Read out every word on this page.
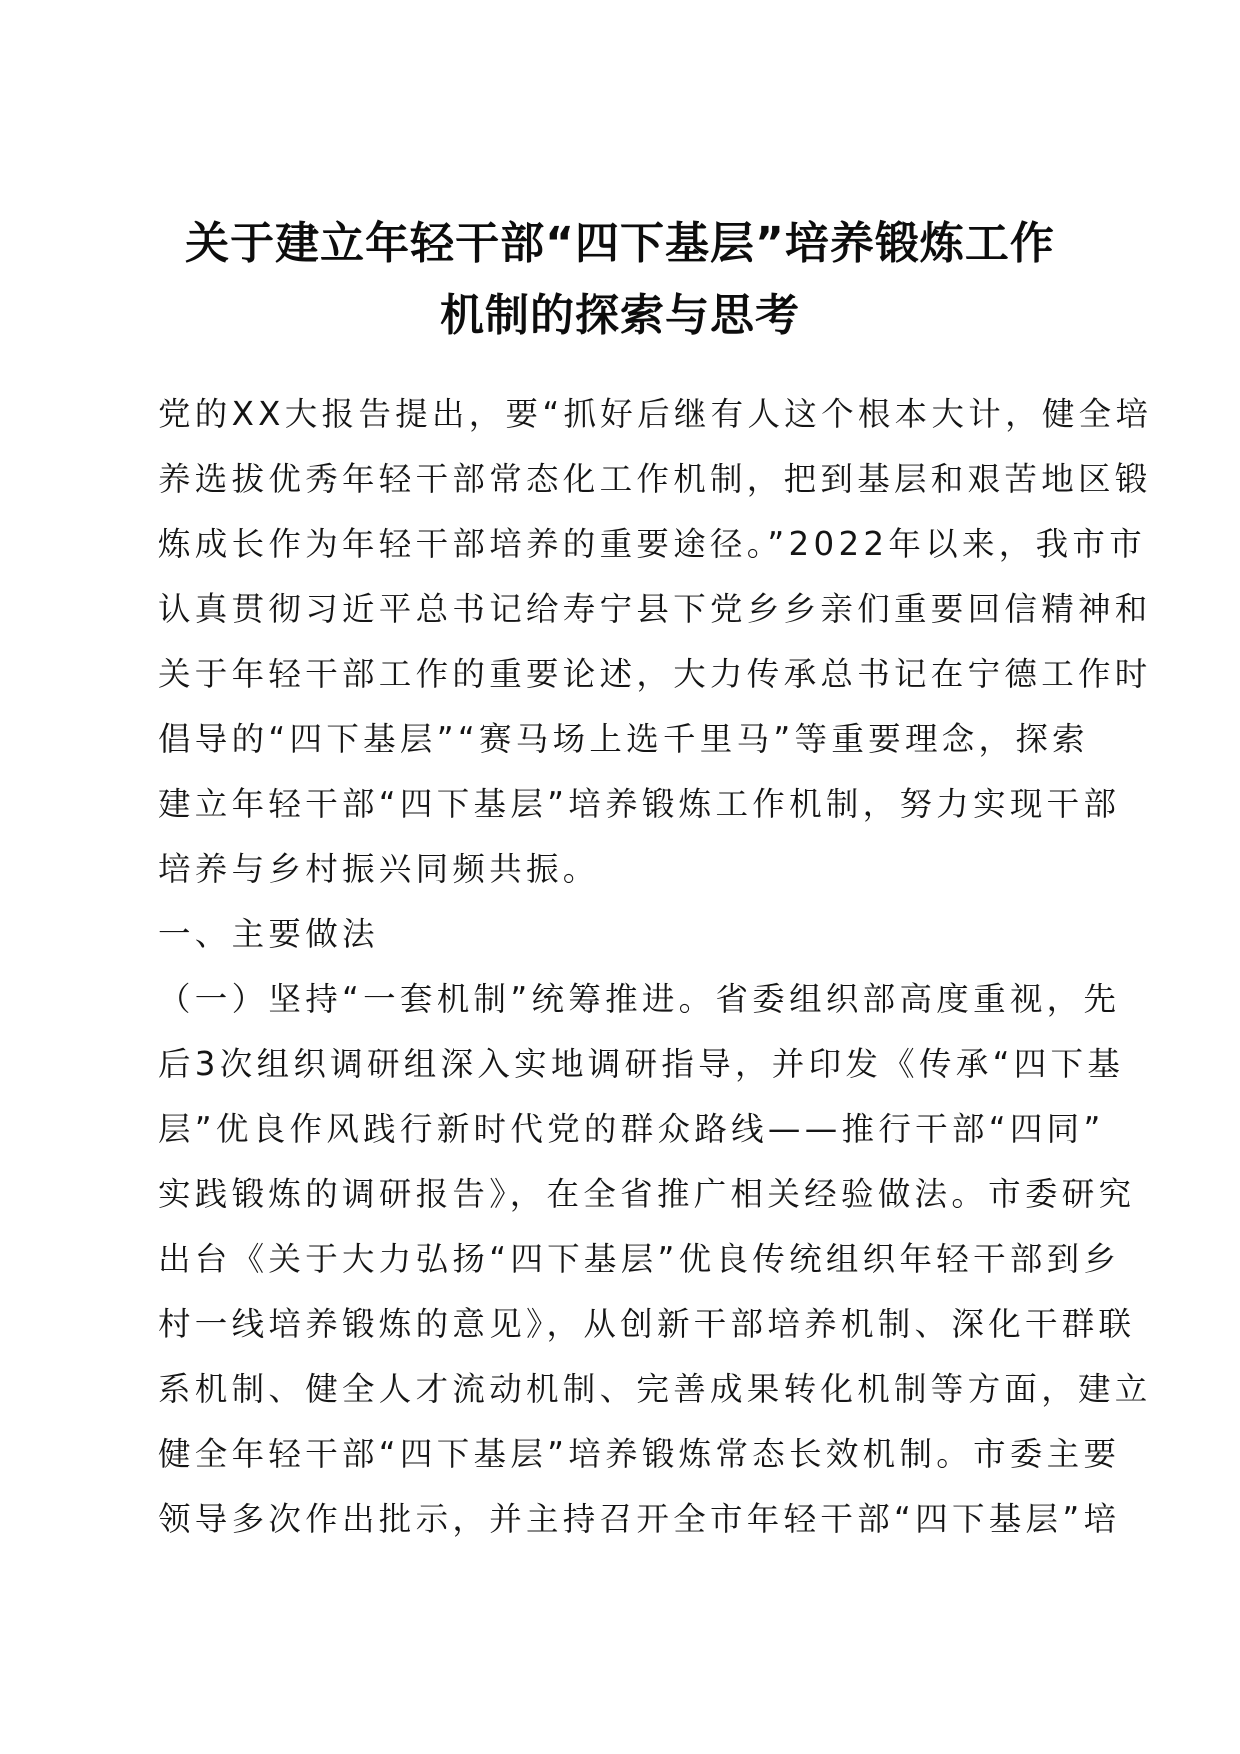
关于建立年轻干部“四下基层”培养锻炼工作
机制的探索与思考
党的XX大报告提出，要“抓好后继有人这个根本大计，健全培
养选拔优秀年轻干部常态化工作机制，把到基层和艰苦地区锻
炼成长作为年轻干部培养的重要途径。”2022年以来，我市市
认真贯彻习近平总书记给寿宁县下党乡乡亲们重要回信精神和
关于年轻干部工作的重要论述，大力传承总书记在宁德工作时
倡导的“四下基层”“赛马场上选千里马”等重要理念，探索
建立年轻干部“四下基层”培养锻炼工作机制，努力实现干部
培养与乡村振兴同频共振。
一、主要做法
（一）坚持“一套机制”统筹推进。省委组织部高度重视，先
后3次组织调研组深入实地调研指导，并印发《传承“四下基
层”优良作风践行新时代党的群众路线——推行干部“四同”
实践锻炼的调研报告》，在全省推广相关经验做法。市委研究
出台《关于大力弘扬“四下基层”优良传统组织年轻干部到乡
村一线培养锻炼的意见》，从创新干部培养机制、深化干群联
系机制、健全人才流动机制、完善成果转化机制等方面，建立
健全年轻干部“四下基层”培养锻炼常态长效机制。市委主要
领导多次作出批示，并主持召开全市年轻干部“四下基层”培
